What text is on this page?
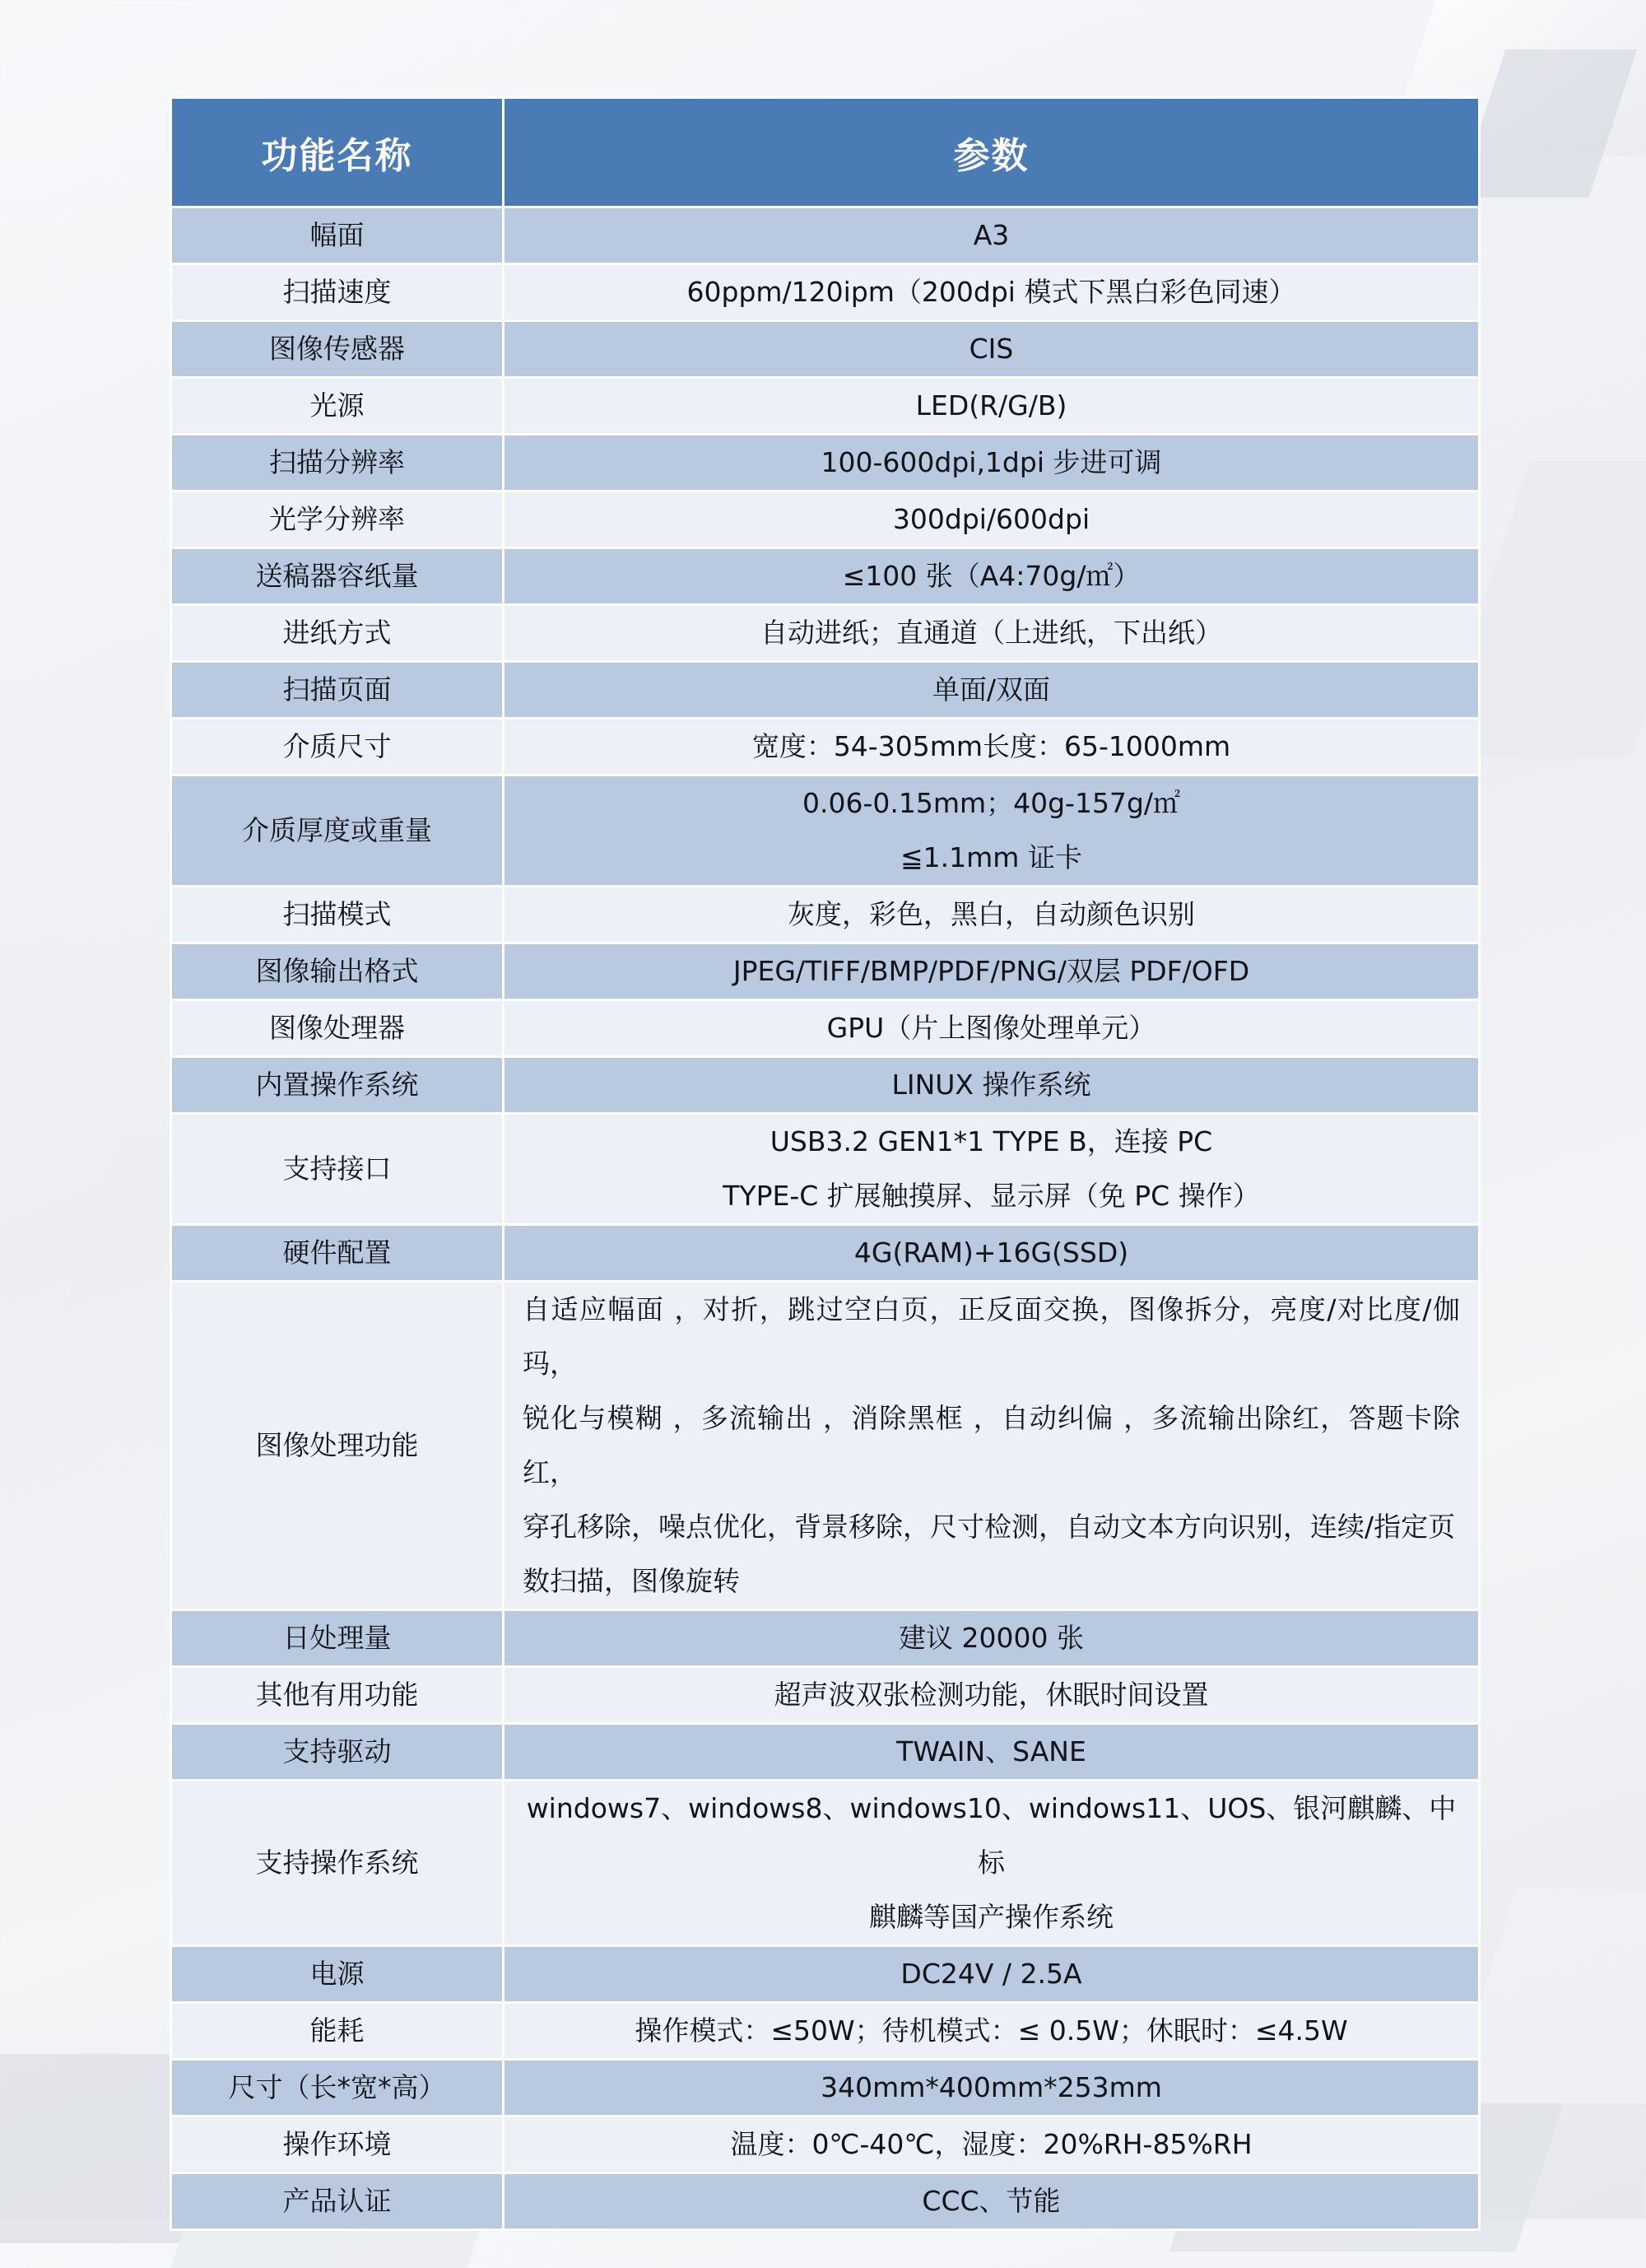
功能名称	参数
幅面	A3

扫描速度	60ppm/120ipm（200dpi 模式下黑白彩色同速）

图像传感器	CIS

光源	LED(R/G/B)

扫描分辨率	100-600dpi,1dpi 步进可调

光学分辨率	300dpi/600dpi

送稿器容纸量	≤100 张（A4:70g/㎡）

进纸方式	自动进纸；直通道（上进纸，下出纸）

扫描页面	单面/双面

介质尺寸	宽度：54-305mm长度：65-1000mm

介质厚度或重量	0.06-0.15mm；40g-157g/㎡
≦1.1mm 证卡

扫描模式	灰度，彩色，黑白，自动颜色识别

图像输出格式	JPEG/TIFF/BMP/PDF/PNG/双层 PDF/OFD

图像处理器	GPU（片上图像处理单元）

内置操作系统	LINUX 操作系统

支持接口	USB3.2 GEN1*1 TYPE B，连接 PC
TYPE-C 扩展触摸屏、显示屏（免 PC 操作）

硬件配置	4G(RAM)+16G(SSD)

图像处理功能	自适应幅面 ，对折，跳过空白页，正反面交换，图像拆分，亮度/对比度/伽玛，
锐化与模糊 ，多流输出 ，消除黑框 ，自动纠偏 ，多流输出除红，答题卡除红，
穿孔移除，噪点优化，背景移除，尺寸检测，自动文本方向识别，连续/指定页
数扫描，图像旋转

日处理量	建议 20000 张

其他有用功能	超声波双张检测功能，休眠时间设置

支持驱动	TWAIN、SANE

支持操作系统	windows7、windows8、windows10、windows11、UOS、银河麒麟、中标
麒麟等国产操作系统

电源	DC24V / 2.5A

能耗	操作模式：≤50W；待机模式：≤ 0.5W；休眠时：≤4.5W

尺寸（长*宽*高）	340mm*400mm*253mm

操作环境	温度：0℃-40℃，湿度：20%RH-85%RH

产品认证	CCC、节能
